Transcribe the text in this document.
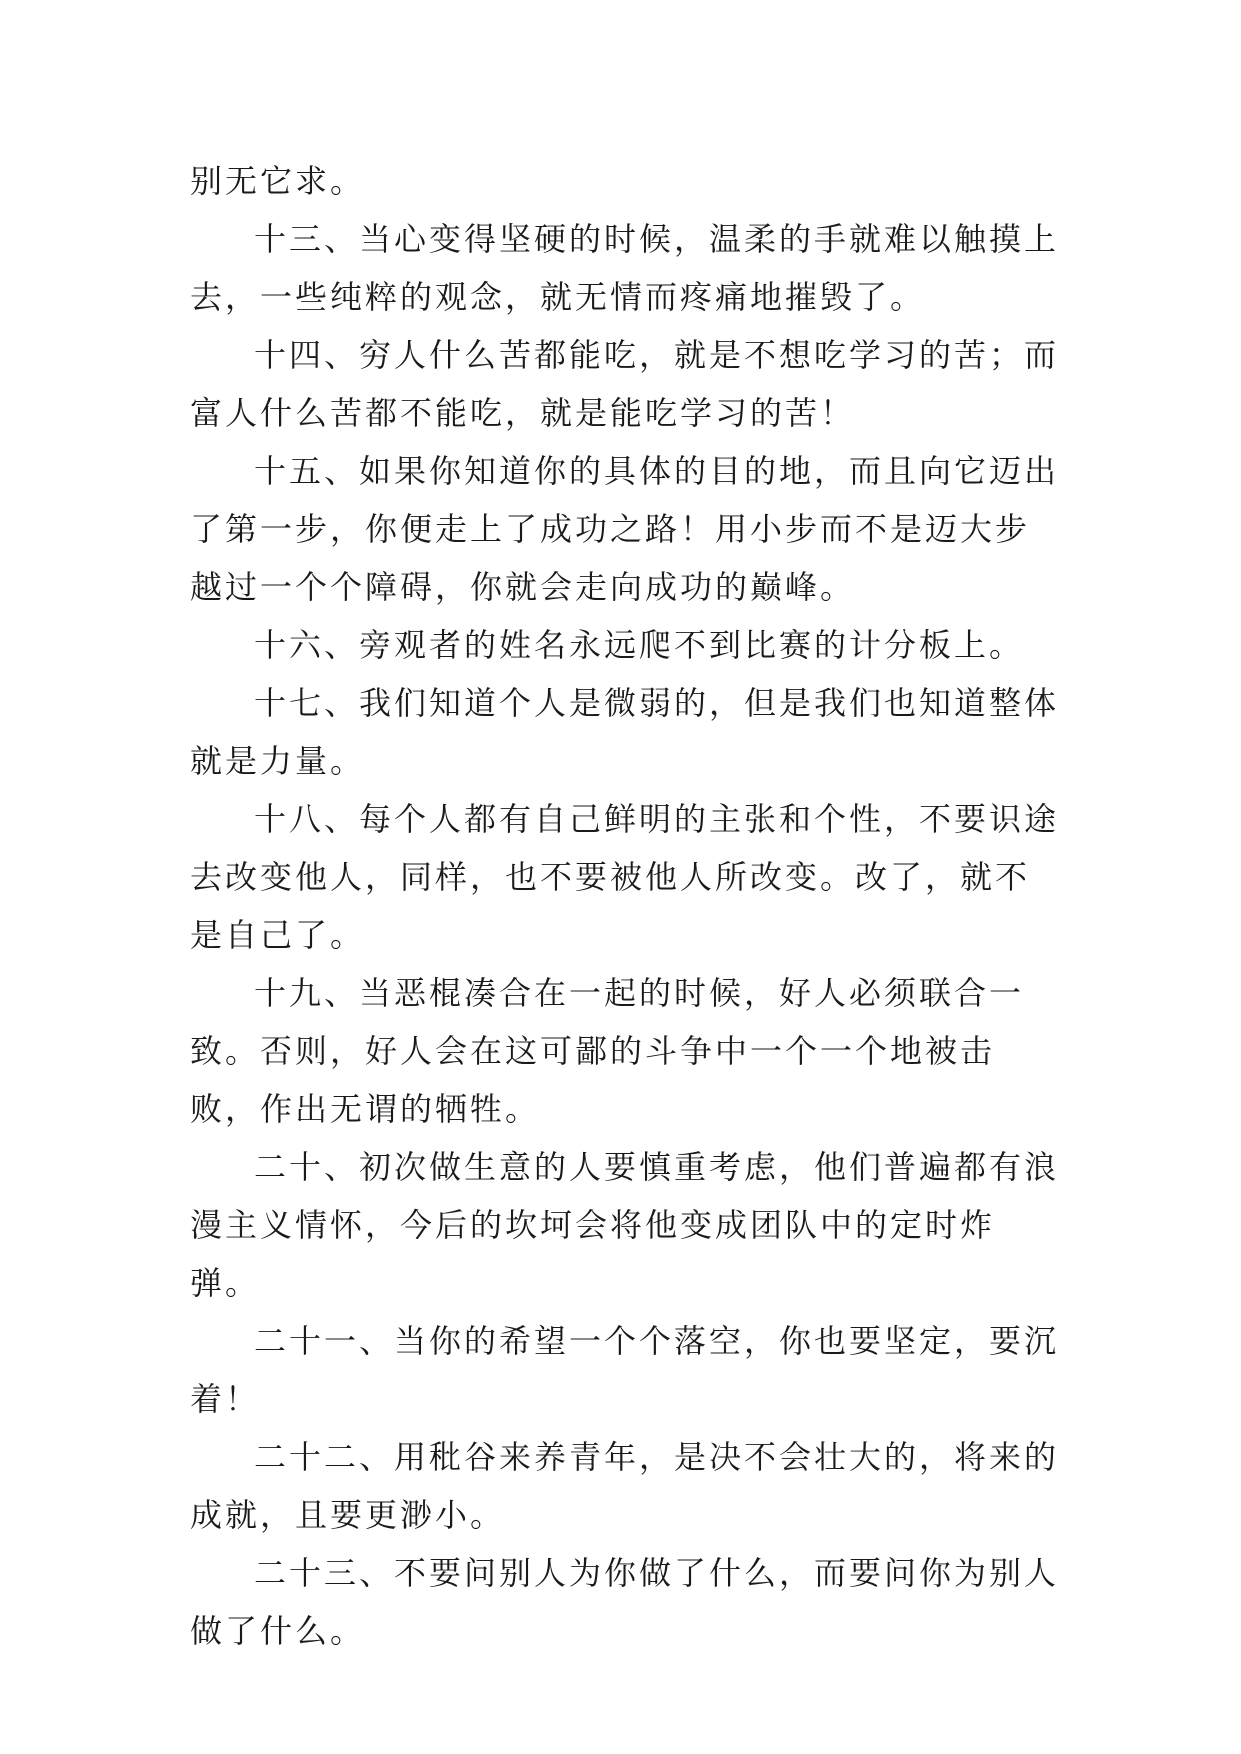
别无它求。

十三、当心变得坚硬的时候，温柔的手就难以触摸上去，一些纯粹的观念，就无情而疼痛地摧毁了。

十四、穷人什么苦都能吃，就是不想吃学习的苦；而富人什么苦都不能吃，就是能吃学习的苦！

十五、如果你知道你的具体的目的地，而且向它迈出了第一步，你便走上了成功之路！用小步而不是迈大步越过一个个障碍，你就会走向成功的巅峰。

十六、旁观者的姓名永远爬不到比赛的计分板上。

十七、我们知道个人是微弱的，但是我们也知道整体就是力量。

十八、每个人都有自己鲜明的主张和个性，不要识途去改变他人，同样，也不要被他人所改变。改了，就不是自己了。

十九、当恶棍凑合在一起的时候，好人必须联合一致。否则，好人会在这可鄙的斗争中一个一个地被击败，作出无谓的牺牲。

二十、初次做生意的人要慎重考虑，他们普遍都有浪漫主义情怀，今后的坎坷会将他变成团队中的定时炸弹。

二十一、当你的希望一个个落空，你也要坚定，要沉着！

二十二、用秕谷来养青年，是决不会壮大的，将来的成就，且要更渺小。

二十三、不要问别人为你做了什么，而要问你为别人做了什么。
